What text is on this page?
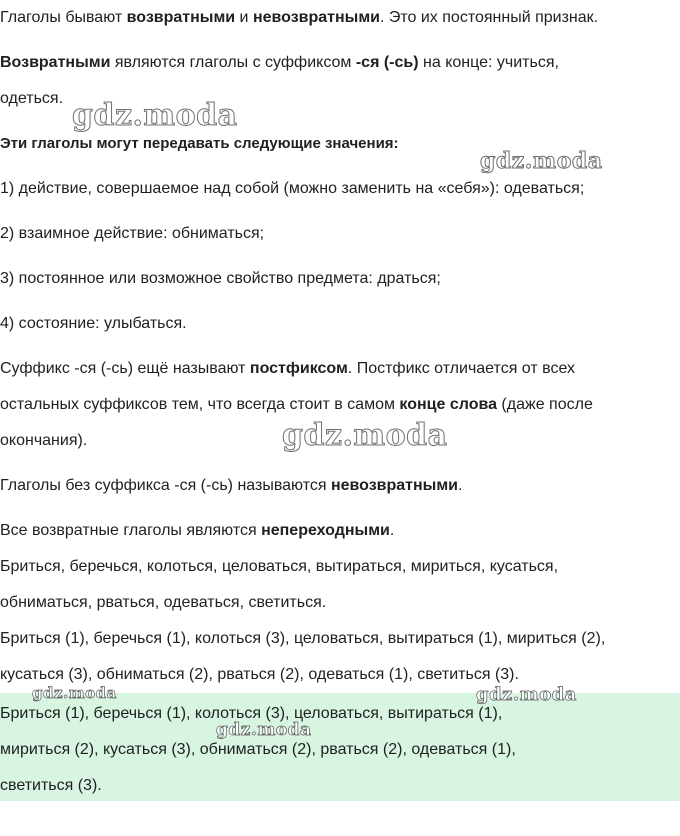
Глаголы бывают возвратными и невозвратными. Это их постоянный признак.

Возвратными являются глаголы с суффиксом -ся (-сь) на конце: учиться,

одеться.

Эти глаголы могут передавать следующие значения:

1) действие, совершаемое над собой (можно заменить на «себя»): одеваться;

2) взаимное действие: обниматься;

3) постоянное или возможное свойство предмета: драться;

4) состояние: улыбаться.

Суффикс -ся (-сь) ещё называют постфиксом. Постфикс отличается от всех

остальных суффиксов тем, что всегда стоит в самом конце слова (даже после

окончания).

Глаголы без суффикса -ся (-сь) называются невозвратными.

Все возвратные глаголы являются непереходными.

Бриться, беречься, колоться, целоваться, вытираться, мириться, кусаться,

обниматься, рваться, одеваться, светиться.

Бриться (1), беречься (1), колоться (3), целоваться, вытираться (1), мириться (2),

кусаться (3), обниматься (2), рваться (2), одеваться (1), светиться (3).

Бриться (1), беречься (1), колоться (3), целоваться, вытираться (1),

мириться (2), кусаться (3), обниматься (2), рваться (2), одеваться (1),

светиться (3).

gdz.moda
gdz.moda
gdz.moda
gdz.moda	gdz.moda
gdz.moda
